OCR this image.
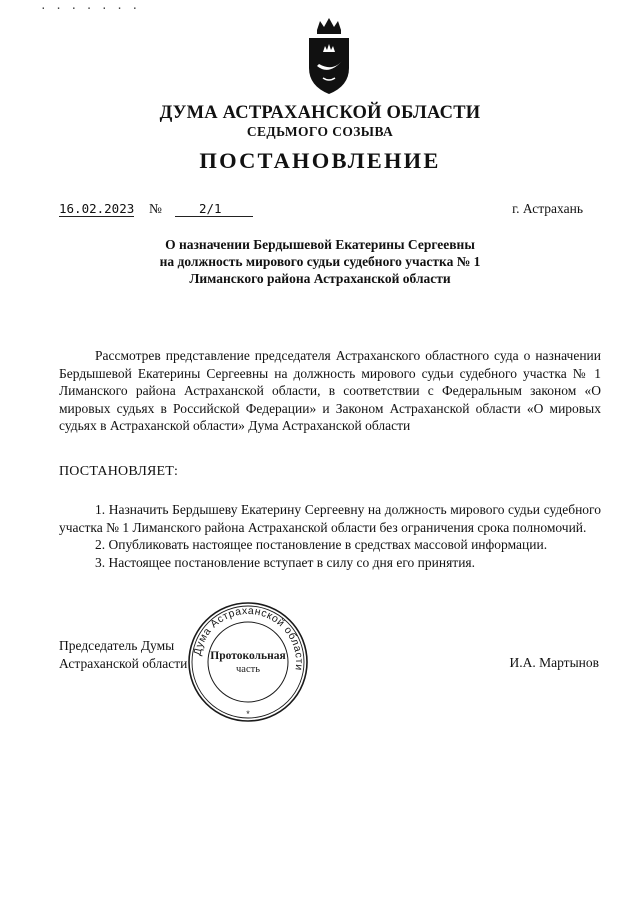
· · · · · · ·
ДУМА АСТРАХАНСКОЙ ОБЛАСТИ
СЕДЬМОГО СОЗЫВА
ПОСТАНОВЛЕНИЕ
16.02.2023 №	2/1	г. Астрахань
О назначении Бердышевой Екатерины Сергеевны
на должность мирового судьи судебного участка № 1
Лиманского района Астраханской области

Рассмотрев представление председателя Астраханского областного суда о назначении Бердышевой Екатерины Сергеевны на должность мирового судьи судебного участка № 1 Лиманского района Астраханской области, в соответствии с Федеральным законом «О мировых судьях в Российской Федерации» и Законом Астраханской области «О мировых судьях в Астраханской области» Дума Астраханской области

ПОСТАНОВЛЯЕТ:

1. Назначить Бердышеву Екатерину Сергеевну на должность мирового судьи судебного участка № 1 Лиманского района Астраханской области без ограничения срока полномочий.

2. Опубликовать настоящее постановление в средствах массовой информации.

3. Настоящее постановление вступает в силу со дня его принятия.

Председатель Думы
Астраханской области	И.А. Мартынов
Дума Астраханской области
Протокольная
часть
*
